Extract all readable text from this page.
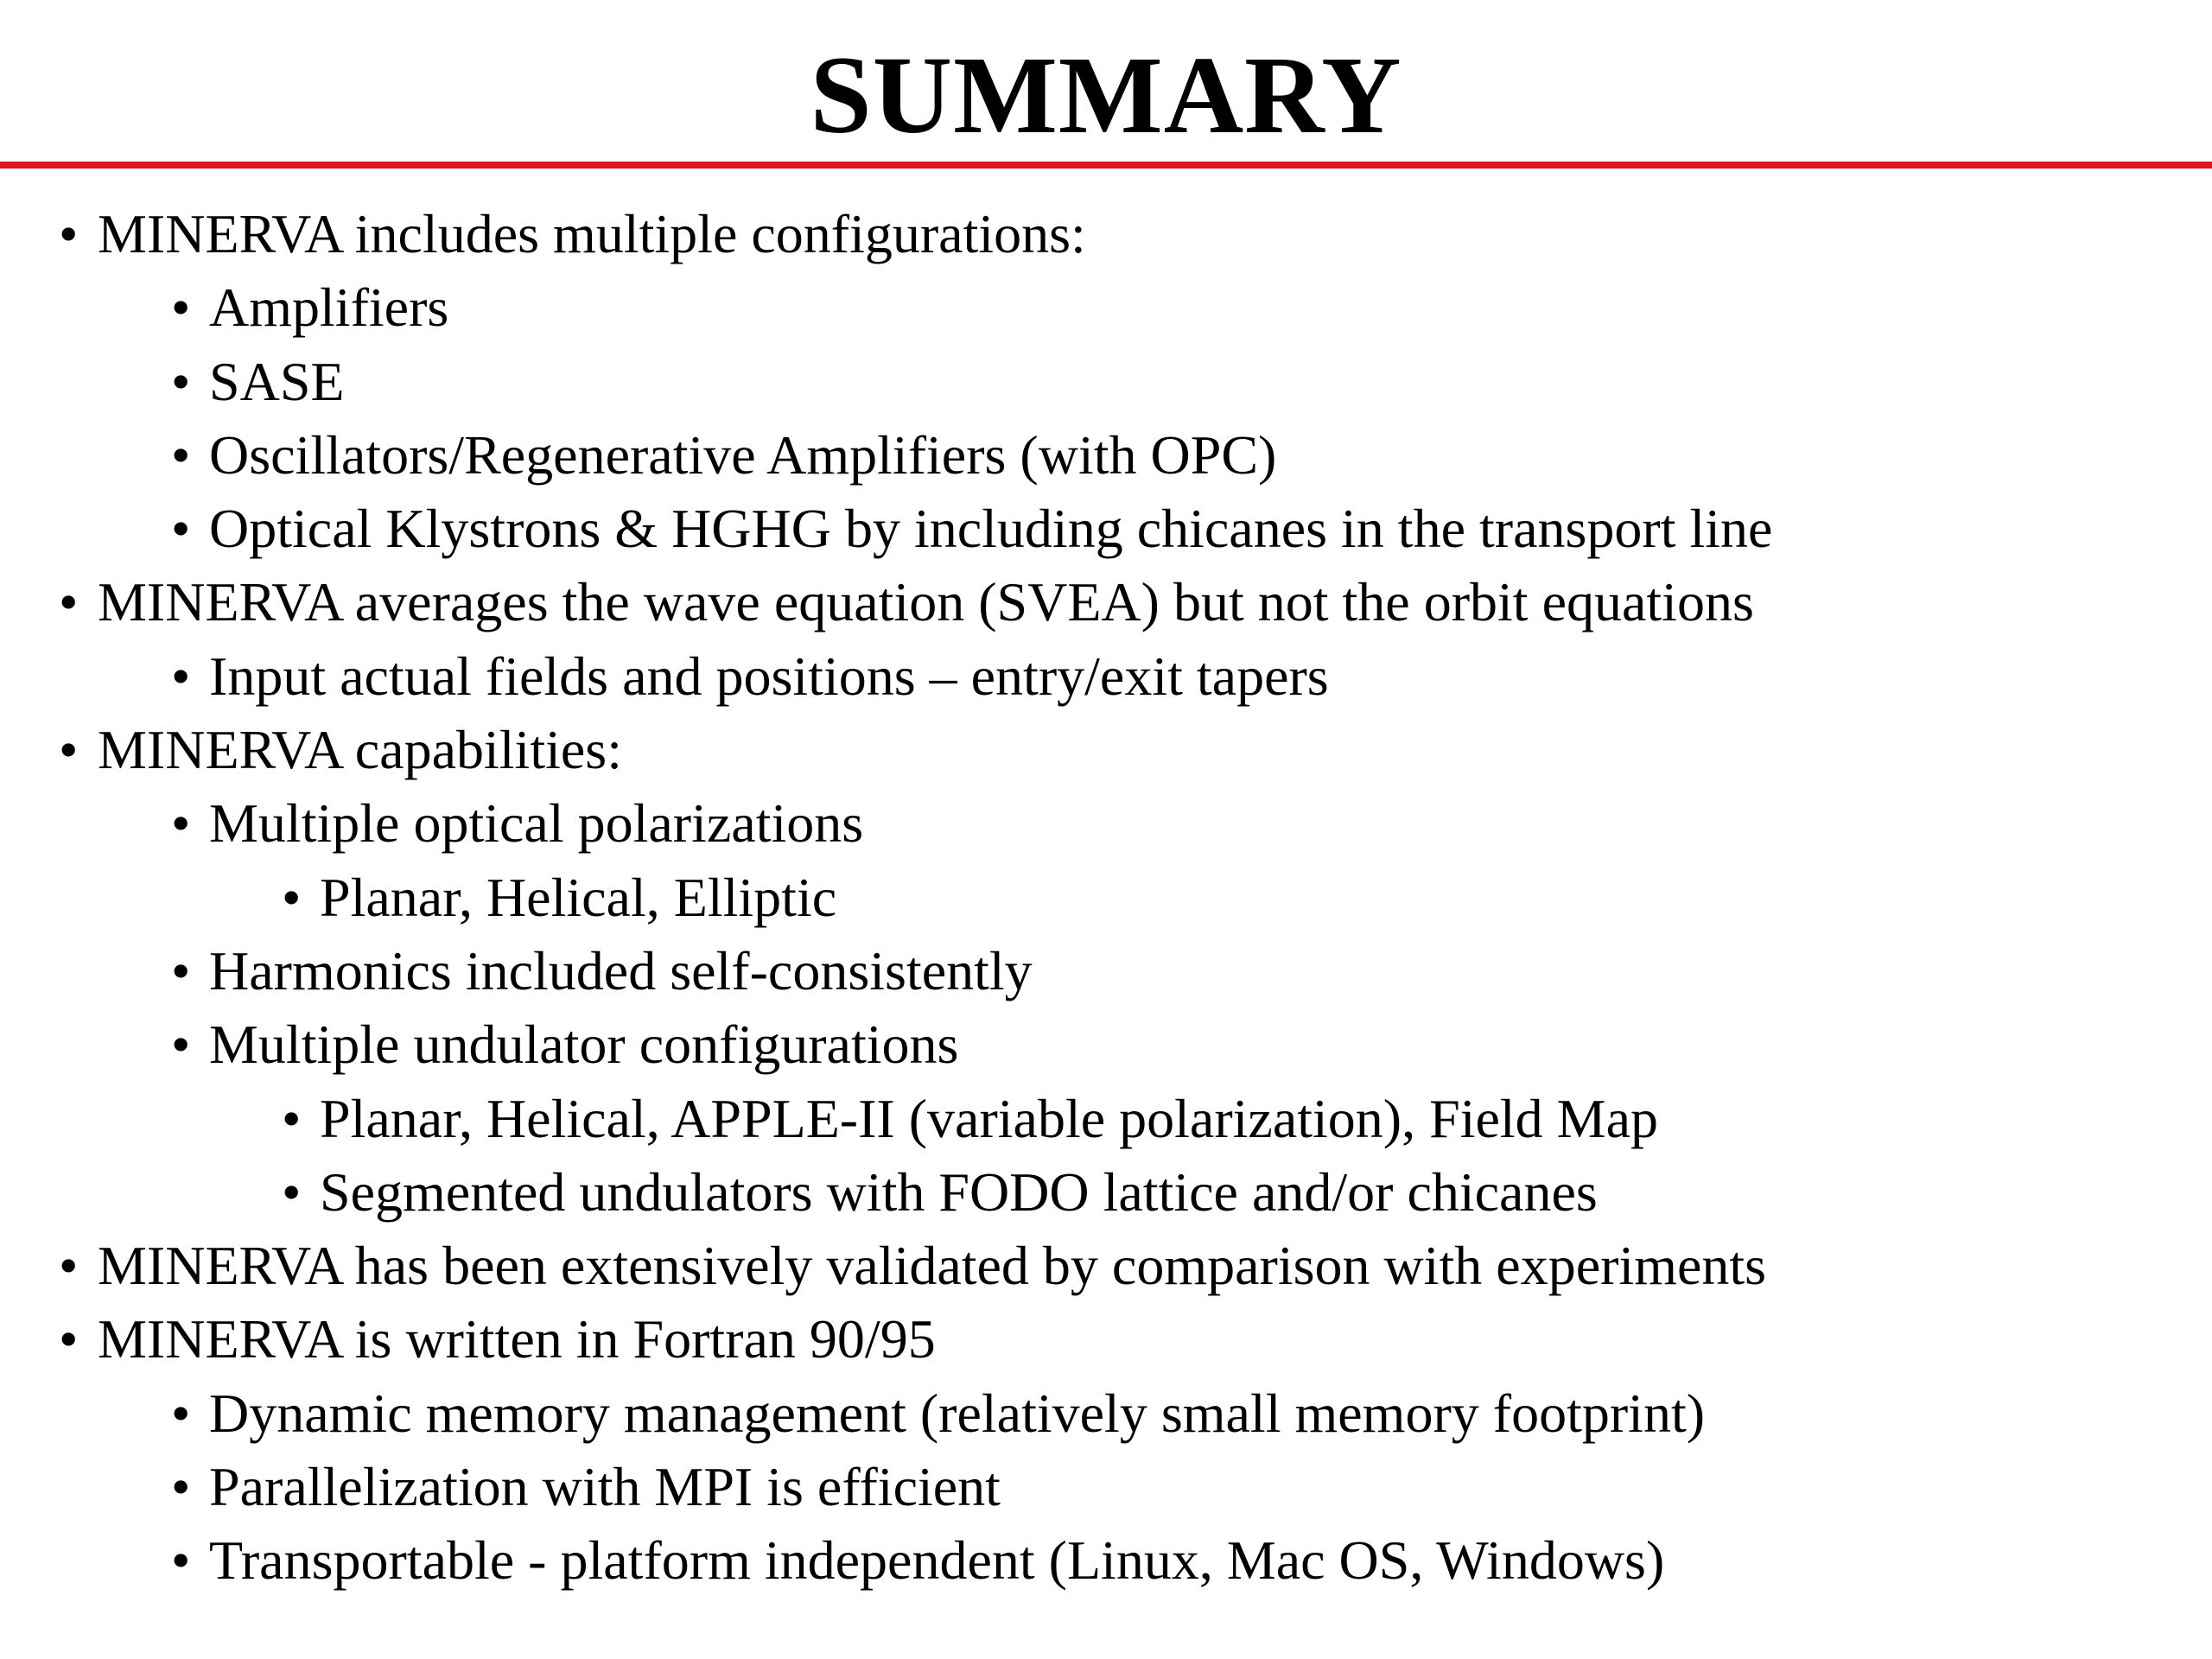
SUMMARY
• MINERVA includes multiple configurations:
• Amplifiers
• SASE
• Oscillators/Regenerative Amplifiers (with OPC)
• Optical Klystrons & HGHG by including chicanes in the transport line
• MINERVA averages the wave equation (SVEA) but not the orbit equations
• Input actual fields and positions – entry/exit tapers
• MINERVA capabilities:
• Multiple optical polarizations
• Planar, Helical, Elliptic
• Harmonics included self-consistently
• Multiple undulator configurations
• Planar, Helical, APPLE-II (variable polarization), Field Map
• Segmented undulators with FODO lattice and/or chicanes
• MINERVA has been extensively validated by comparison with experiments
• MINERVA is written in Fortran 90/95
• Dynamic memory management (relatively small memory footprint)
• Parallelization with MPI is efficient
• Transportable - platform independent (Linux, Mac OS, Windows)
